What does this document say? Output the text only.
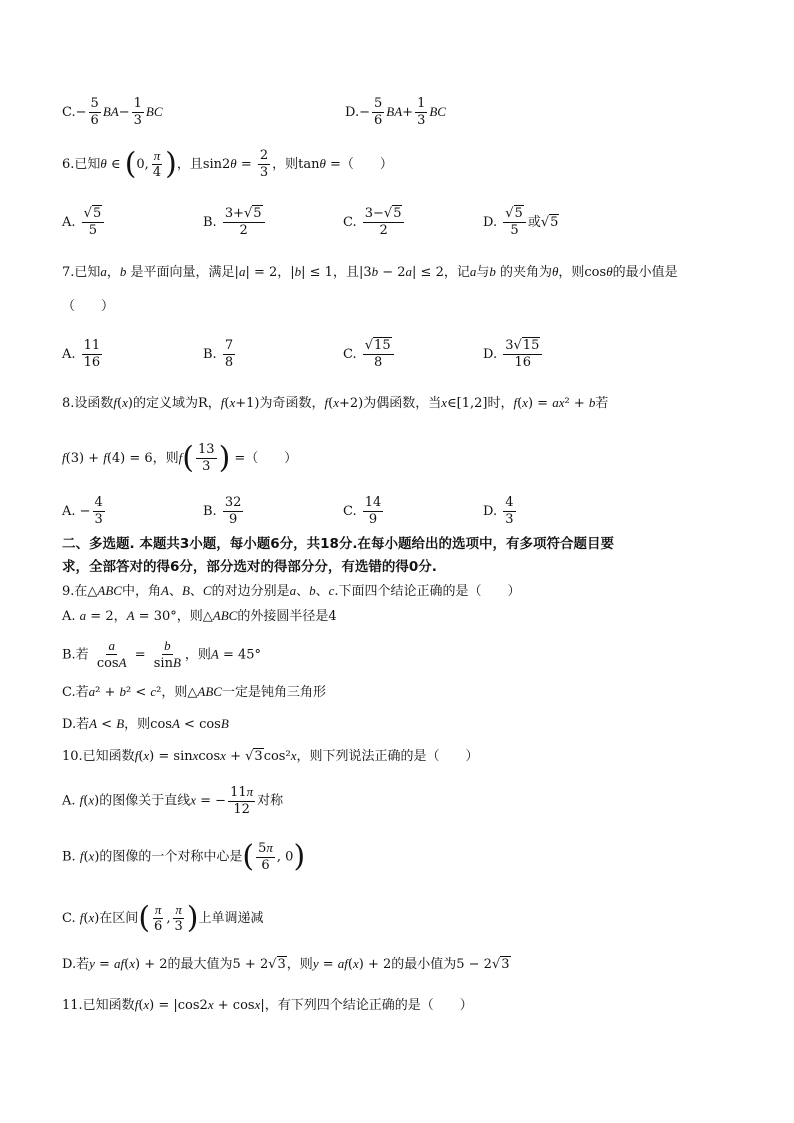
$C.- \frac{5}{6} BA- \frac{1}{3}$ BC	$D.- \frac{5}{6} BA+ \frac{1}{3}$ BC
6.已知θ ∈ (0, $\frac{\pi}{4}$ )，且$\sin 2\theta = \frac{2}{3}$ ，则tanθ =（　　）
A. $\frac{√5}{5}$	B. $\frac{3+√5}{2}$	C. $\frac{3-√5}{2}$	D. $\frac{√5}{5}$ 或√5
7.已知a，b 是平面向量，满足|a| = 2，|b| ≤ 1，且|3b − 2a| ≤ 2，记a与b 的夹角为θ，则cosθ的最小值是
（　　）
A. $\frac{11}{16}$	B. $\frac{7}{8}$	C. $\frac{√15}{8}$	D. $\frac{3√15}{16}$
8.设函数f(x)的定义域为R，f(x+1)为奇函数，f(x+2)为偶函数，当x∈[1,2]时，f(x) = ax² + b若
f(3) + f(4) = 6，则$f( \frac{13}{3}$ ) =（　　）
A. − $\frac{4}{3}$	B. $\frac{32}{9}$	C. $\frac{14}{9}$	D. $\frac{4}{3}$
二、多选题. 本题共3小题，每小题6分，共18分.在每小题给出的选项中，有多项符合题目要
求，全部答对的得6分，部分选对的得部分分，有选错的得0分.
9.在△ABC中，角A、B、C的对边分别是a、b、c.下面四个结论正确的是（　　）
A. a = 2，A = 30°，则△ABC的外接圆半径是4
B.若 $\frac{a}{\cos A} = \frac{b}{\sin B}$ ，则A = 45°
C.若a² + b² < c²，则△ABC一定是钝角三角形
D.若A < B，则cosA < cosB
10.已知函数f(x) = sinxcosx + √3cos²x，则下列说法正确的是（　　）
A. f(x)的图像关于直线x = − $\frac{11\pi}{12}$ 对称
B. f(x)的图像的一个对称中心是( $\frac{5\pi}{6}$ , 0)
C. f(x)在区间( $\frac{\pi}{6}$ , $\frac{\pi}{3}$ )上单调递减
D.若y = af(x) + 2的最大值为5 + 2√3，则y = af(x) + 2的最小值为5 − 2√3
11.已知函数f(x) = |cos2x + cosx|，有下列四个结论正确的是（　　）
